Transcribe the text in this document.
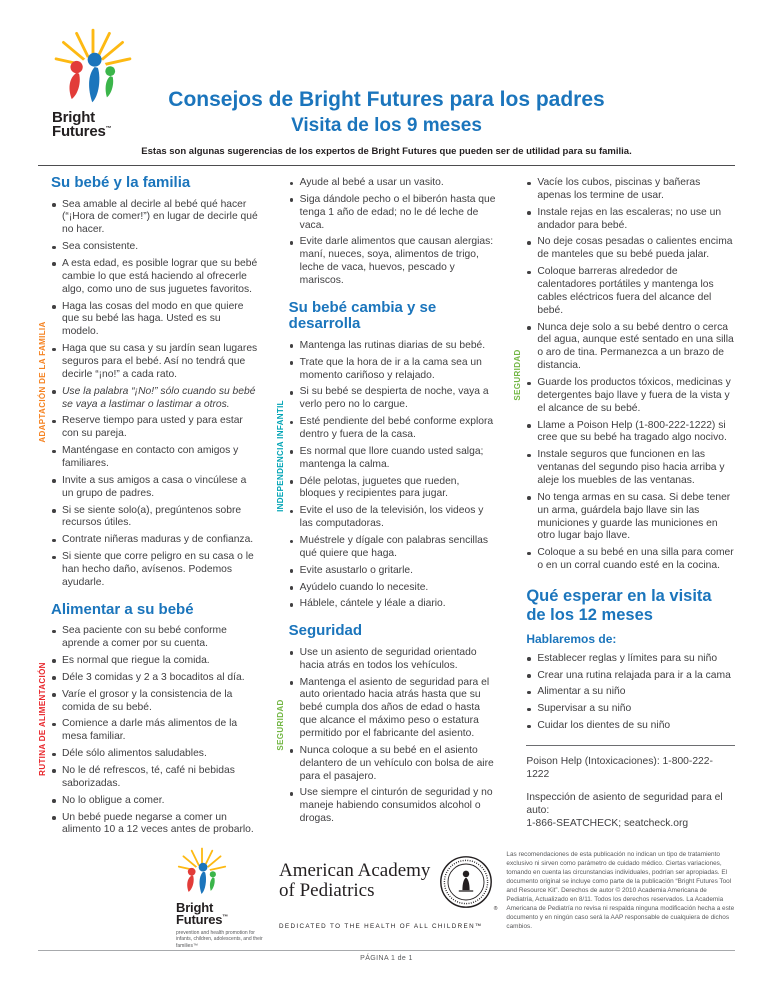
Bright
Futures™
Consejos de Bright Futures para los padres
Visita de los 9 meses
Estas son algunas sugerencias de los expertos de Bright Futures que pueden ser de utilidad para su familia.
ADAPTACIÓN DE LA FAMILIA
Su bebé y la familia
Sea amable al decirle al bebé qué hacer (“¡Hora de comer!”) en lugar de decirle qué no hacer.
Sea consistente.
A esta edad, es posible lograr que su bebé cambie lo que está haciendo al ofrecerle algo, como uno de sus juguetes favoritos.
Haga las cosas del modo en que quiere que su bebé las haga. Usted es su modelo.
Haga que su casa y su jardín sean lugares seguros para el bebé. Así no tendrá que decirle “¡no!” a cada rato.
Use la palabra “¡No!” sólo cuando su bebé se vaya a lastimar o lastimar a otros.
Reserve tiempo para usted y para estar con su pareja.
Manténgase en contacto con amigos y familiares.
Invite a sus amigos a casa o vincúlese a un grupo de padres.
Si se siente solo(a), pregúntenos sobre recursos útiles.
Contrate niñeras maduras y de confianza.
Si siente que corre peligro en su casa o le han hecho daño, avísenos. Podemos ayudarle.
RUTINA DE ALIMENTACIÓN
Alimentar a su bebé
Sea paciente con su bebé conforme aprende a comer por su cuenta.
Es normal que riegue la comida.
Déle 3 comidas y 2 a 3 bocaditos al día.
Varíe el grosor y la consistencia de la comida de su bebé.
Comience a darle más alimentos de la mesa familiar.
Déle sólo alimentos saludables.
No le dé refrescos, té, café ni bebidas saborizadas.
No lo obligue a comer.
Un bebé puede negarse a comer un alimento 10 a 12 veces antes de probarlo.
Ayude al bebé a usar un vasito.
Siga dándole pecho o el biberón hasta que tenga 1 año de edad; no le dé leche de vaca.
Evite darle alimentos que causan alergias: maní, nueces, soya, alimentos de trigo, leche de vaca, huevos, pescado y mariscos.
INDEPENDENCIA INFANTIL
Su bebé cambia y se desarrolla
Mantenga las rutinas diarias de su bebé.
Trate que la hora de ir a la cama sea un momento cariñoso y relajado.
Si su bebé se despierta de noche, vaya a verlo pero no lo cargue.
Esté pendiente del bebé conforme explora dentro y fuera de la casa.
Es normal que llore cuando usted salga; mantenga la calma.
Déle pelotas, juguetes que rueden, bloques y recipientes para jugar.
Evite el uso de la televisión, los videos y las computadoras.
Muéstrele y dígale con palabras sencillas qué quiere que haga.
Evite asustarlo o gritarle.
Ayúdelo cuando lo necesite.
Háblele, cántele y léale a diario.
SEGURIDAD
Seguridad
Use un asiento de seguridad orientado hacia atrás en todos los vehículos.
Mantenga el asiento de seguridad para el auto orientado hacia atrás hasta que su bebé cumpla dos años de edad o hasta que alcance el máximo peso o estatura permitido por el fabricante del asiento.
Nunca coloque a su bebé en el asiento delantero de un vehículo con bolsa de aire para el pasajero.
Use siempre el cinturón de seguridad y no maneje habiendo consumidos alcohol o drogas.
SEGURIDAD
Vacíe los cubos, piscinas y bañeras apenas los termine de usar.
Instale rejas en las escaleras; no use un andador para bebé.
No deje cosas pesadas o calientes encima de manteles que su bebé pueda jalar.
Coloque barreras alrededor de calentadores portátiles y mantenga los cables eléctricos fuera del alcance del bebé.
Nunca deje solo a su bebé dentro o cerca del agua, aunque esté sentado en una silla o aro de tina. Permanezca a un brazo de distancia.
Guarde los productos tóxicos, medicinas y detergentes bajo llave y fuera de la vista y el alcance de su bebé.
Llame a Poison Help (1-800-222-1222) si cree que su bebé ha tragado algo nocivo.
Instale seguros que funcionen en las ventanas del segundo piso hacia arriba y aleje los muebles de las ventanas.
No tenga armas en su casa. Si debe tener un arma, guárdela bajo llave sin las municiones y guarde las municiones en otro lugar bajo llave.
Coloque a su bebé en una silla para comer o en un corral cuando esté en la cocina.
Qué esperar en la visita de los 12 meses
Hablaremos de:
Establecer reglas y límites para su niño
Crear una rutina relajada para ir a la cama
Alimentar a su niño
Supervisar a su niño
Cuidar los dientes de su niño
Poison Help (Intoxicaciones): 1-800-222-1222
Inspección de asiento de seguridad para el auto:
1-866-SEATCHECK; seatcheck.org
Bright
Futures™
prevention and health promotion for infants, children, adolescents, and their families™
American Academy
of Pediatrics
®
DEDICATED TO THE HEALTH OF ALL CHILDREN™
Las recomendaciones de esta publicación no indican un tipo de tratamiento exclusivo ni sirven como parámetro de cuidado médico. Ciertas variaciones, tomando en cuenta las circunstancias individuales, podrían ser apropiadas. El documento original se incluye como parte de la publicación “Bright Futures Tool and Resource Kit”. Derechos de autor © 2010 Academia Americana de Pediatría, Actualizado en 8/11. Todos los derechos reservados. La Academia Americana de Pediatría no revisa ni respalda ninguna modificación hecha a este documento y en ningún caso será la AAP responsable de cualquiera de dichos cambios.
PÁGINA 1 de 1
